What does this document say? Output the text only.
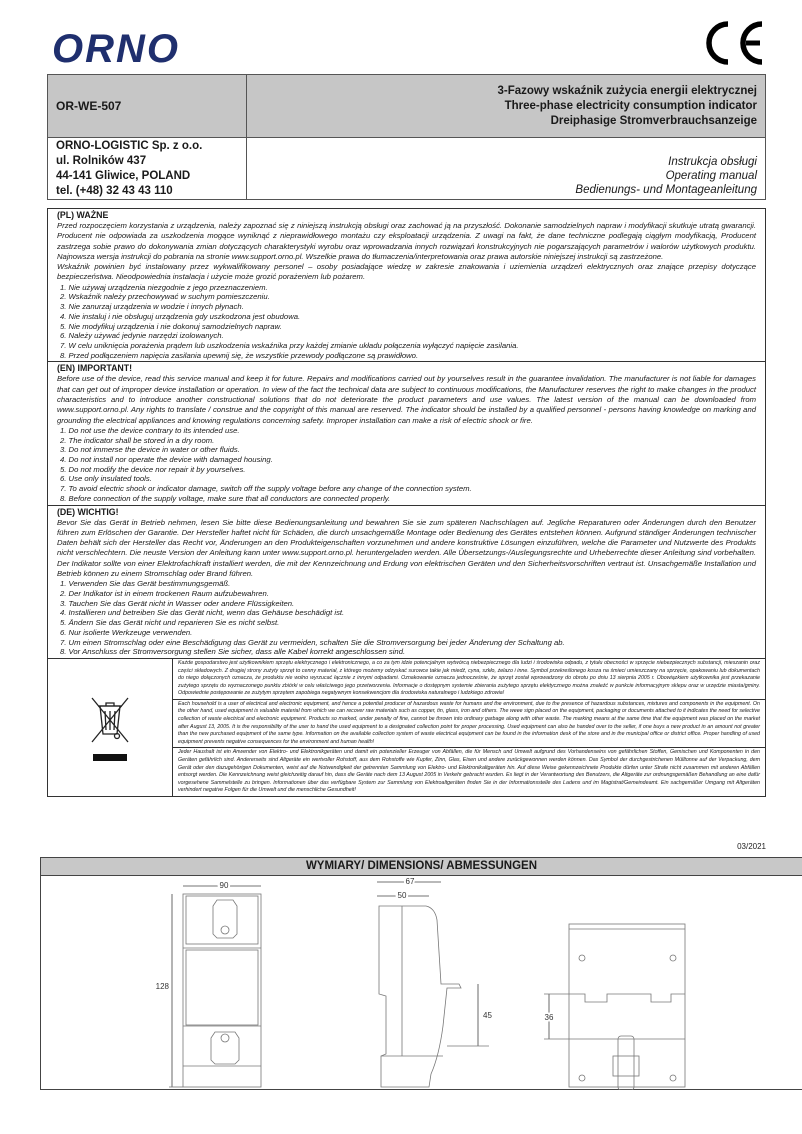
ORNO
OR-WE-507	3-Fazowy wskaźnik zużycia energii elektrycznej
Three-phase electricity consumption indicator
Dreiphasige Stromverbrauchsanzeige

ORNO-LOGISTIC Sp. z o.o.
ul. Rolników 437
44-141 Gliwice, POLAND
tel. (+48) 32 43 43 110

Instrukcja obsługi
Operating manual
Bedienungs- und Montageanleitung
(PL) WAŻNE

Przed rozpoczęciem korzystania z urządzenia, należy zapoznać się z niniejszą instrukcją obsługi oraz zachować ją na przyszłość. Dokonanie samodzielnych napraw i modyfikacji skutkuje utratą gwarancji. Producent nie odpowiada za uszkodzenia mogące wyniknąć z nieprawidłowego montażu czy eksploatacji urządzenia. Z uwagi na fakt, że dane techniczne podlegają ciągłym modyfikacją, Producent zastrzega sobie prawo do dokonywania zmian dotyczących charakterystyki wyrobu oraz wprowadzania innych rozwiązań konstrukcyjnych nie pogarszających parametrów i walorów użytkowych produktu. Najnowsza wersja instrukcji do pobrania na stronie www.support.orno.pl. Wszelkie prawa do tłumaczenia/interpretowania oraz prawa autorskie niniejszej instrukcji są zastrzeżone.

Wskaźnik powinien być instalowany przez wykwalifikowany personel – osoby posiadające wiedzę w zakresie znakowania i uziemienia urządzeń elektrycznych oraz znające przepisy dotyczące bezpieczeństwa. Nieodpowiednia instalacja i użycie może grozić porażeniem lub pożarem.

1. Nie używaj urządzenia niezgodnie z jego przeznaczeniem.
2. Wskaźnik należy przechowywać w suchym pomieszczeniu.
3. Nie zanurzaj urządzenia w wodzie i innych płynach.
4. Nie instaluj i nie obsługuj urządzenia gdy uszkodzona jest obudowa.
5. Nie modyfikuj urządzenia i nie dokonuj samodzielnych napraw.
6. Należy używać jedynie narzędzi izolowanych.
7. W celu uniknięcia porażenia prądem lub uszkodzenia wskaźnika przy każdej zmianie układu połączenia wyłączyć napięcie zasilania.
8. Przed podłączeniem napięcia zasilania upewnij się, że wszystkie przewody podłączone są prawidłowo.
(EN) IMPORTANT!

Before use of the device, read this service manual and keep it for future. Repairs and modifications carried out by yourselves result in the guarantee invalidation. The manufacturer is not liable for damages that can get out of improper device installation or operation. In view of the fact the technical data are subject to continuous modifications, the Manufacturer reserves the right to make changes in the product characteristics and to introduce another constructional solutions that do not deteriorate the product parameters and use values. The latest version of the manual can be downloaded from www.support.orno.pl. Any rights to translate / construe and the copyright of this manual are reserved. The indicator should be installed by a qualified personnel - persons having knowledge on marking and grounding the electrical appliances and knowing regulations concerning safety. Improper installation can make a risk of electric shock or fire.

1. Do not use the device contrary to its intended use.
2. The indicator shall be stored in a dry room.
3. Do not immerse the device in water or other fluids.
4. Do not install nor operate the device with damaged housing.
5. Do not modify the device nor repair it by yourselves.
6. Use only insulated tools.
7. To avoid electric shock or indicator damage, switch off the supply voltage before any change of the connection system.
8. Before connection of the supply voltage, make sure that all conductors are connected properly.
(DE) WICHTIG!

Bevor Sie das Gerät in Betrieb nehmen, lesen Sie bitte diese Bedienungsanleitung und bewahren Sie sie zum späteren Nachschlagen auf. Jegliche Reparaturen oder Änderungen durch den Benutzer führen zum Erlöschen der Garantie. Der Hersteller haftet nicht für Schäden, die durch unsachgemäße Montage oder Bedienung des Gerätes entstehen können. Aufgrund ständiger Änderungen technischer Daten behält sich der Hersteller das Recht vor, Änderungen an den Produkteigenschaften vorzunehmen und andere konstruktive Lösungen einzuführen, welche die Parameter und Nutzwerte des Produkts nicht verschlechtern. Die neuste Version der Anleitung kann unter www.support.orno.pl. heruntergeladen werden. Alle Übersetzungs-/Auslegungsrechte und Urheberrechte dieser Anleitung sind vorbehalten. Der Indikator sollte von einer Elektrofachkraft installiert werden, die mit der Kennzeichnung und Erdung von elektrischen Geräten und den Sicherheitsvorschriften vertraut ist. Unsachgemäße Installation und Betrieb können zu einem Stromschlag oder Brand führen.

1. Verwenden Sie das Gerät bestimmungsgemäß.
2. Der Indikator ist in einem trockenen Raum aufzubewahren.
3. Tauchen Sie das Gerät nicht in Wasser oder andere Flüssigkeiten.
4. Installieren und betreiben Sie das Gerät nicht, wenn das Gehäuse beschädigt ist.
5. Ändern Sie das Gerät nicht und reparieren Sie es nicht selbst.
6. Nur isolierte Werkzeuge verwenden.
7. Um einen Stromschlag oder eine Beschädigung das Gerät zu vermeiden, schalten Sie die Stromversorgung bei jeder Änderung der Schaltung ab.
8. Vor Anschluss der Stromversorgung stellen Sie sicher, dass alle Kabel korrekt angeschlossen sind.
Każde gospodarstwo jest użytkownikiem sprzętu elektrycznego i elektronicznego, a co za tym idzie potencjalnym wytwórcą niebezpiecznego dla ludzi i środowiska odpadu, z tytułu obecności w sprzęcie niebezpiecznych substancji, mieszanin oraz części składowych. Z drugiej strony zużyty sprzęt to cenny materiał, z którego możemy odzyskać surowce takie jak miedź, cyna, szkło, żelazo i inne. Symbol przekreślonego kosza na śmieci umieszczany na sprzęcie, opakowaniu lub dokumentach do niego dołączonych oznacza, że produktu nie wolno wyrzucać łącznie z innymi odpadami. Oznakowanie oznacza jednocześnie, że sprzęt został wprowadzony do obrotu po dniu 13 sierpnia 2005 r. Obowiązkiem użytkownika jest przekazanie zużytego sprzętu do wyznaczonego punktu zbiórki w celu właściwego jego przetworzenia. Informacje o dostępnym systemie zbierania zużytego sprzętu elektycznego można znaleźć w punkcie informacyjnym sklepu oraz w urzędzie miasta/gminy. Odpowiednie postępowanie ze zużytym sprzętem zapobiega negatywnym konsekwencjom dla środowiska naturalnego i ludzkiego zdrowia!
Each household is a user of electrical and electronic equipment, and hence a potential producer of hazardous waste for humans and the environment, due to the presence of hazardous substances, mixtures and components in the equipment. On the other hand, used equipment is valuable material from which we can recover raw materials such as copper, tin, glass, iron and others. The weee sign placed on the equipment, packaging or documents attached to it indicates the need for selective collection of waste electrical and electronic equipment. Products so marked, under penalty of fine, cannot be thrown into ordinary garbage along with other waste. The marking means at the same time that the equipment was placed on the market after August 13, 2005. It is the responsibility of the user to hand the used equipment to a designated collection point for proper processing. Used equipment can also be handed over to the seller, if one buys a new product in an amount not greater than the new purchased equipment of the same type. Information on the available collection system of waste electrical equipment can be found in the information desk of the store and in the municipal office or district office. Proper handling of used equipment prevents negative consequences for the environment and human health!
Jeder Haushalt ist ein Anwender von Elektro- und Elektronikgeräten und damit ein potenzieller Erzeuger von Abfällen, die für Mensch und Umwelt aufgrund des Vorhandenseins von gefährlichen Stoffen, Gemischen und Komponenten in den Geräten gefährlich sind. Andererseits sind Altgeräte ein wertvoller Rohstoff, aus dem Rohstoffe wie Kupfer, Zinn, Glas, Eisen und andere zurückgewonnen werden können. Das Symbol der durchgestrichenen Mülltonne auf der Verpackung, dem Gerät oder den dazugehörigen Dokumenten, weist auf die Notwendigkeit der getrennten Sammlung von Elektro- und Elektronikaltgeräten hin. Auf diese Weise gekennzeichnete Produkte dürfen unter Strafe nicht zusammen mit anderen Abfällen entsorgt werden. Die Kennzeichnung weist gleichzeitig darauf hin, dass die Geräte nach dem 13 August 2005 in Verkehr gebracht wurden. Es liegt in der Verantwortung des Benutzers, die Altgeräte zur ordnungsgemäßen Behandlung an eine dafür vorgesehene Sammelstelle zu bringen. Informationen über das verfügbare System zur Sammlung von Elektroaltgeräten finden Sie in der Informationsstelle des Ladens und im Magistrat/Gemeindeamt. Ein sachgemäßer Umgang mit Altgeräten verhindert negative Folgen für die Umwelt und die menschliche Gesundheit!
03/2021
WYMIARY/ DIMENSIONS/ ABMESSUNGEN
90
128
67
50
45	36
